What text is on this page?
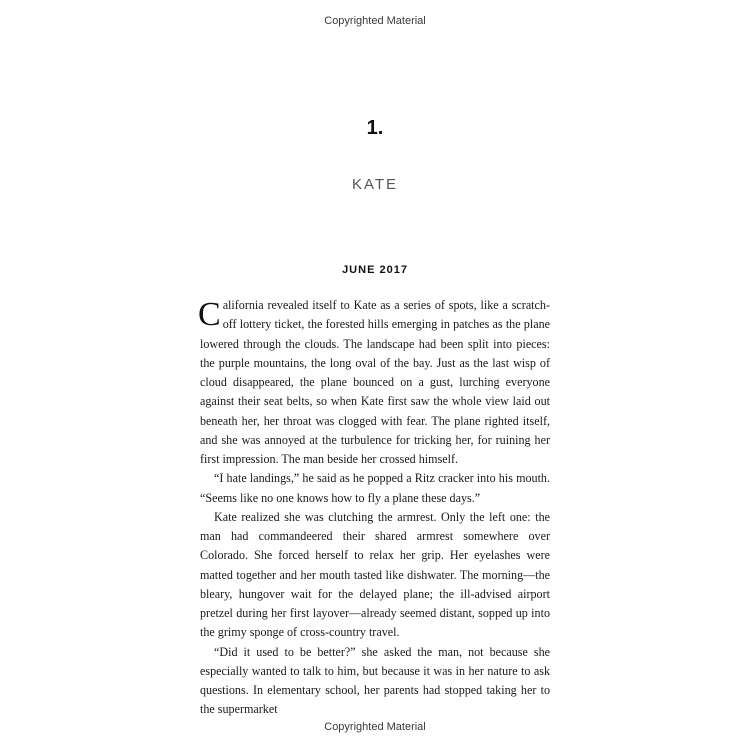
Copyrighted Material
1.
KATE
JUNE 2017

California revealed itself to Kate as a series of spots, like a scratch-off lottery ticket, the forested hills emerging in patches as the plane lowered through the clouds. The landscape had been split into pieces: the purple mountains, the long oval of the bay. Just as the last wisp of cloud disappeared, the plane bounced on a gust, lurching everyone against their seat belts, so when Kate first saw the whole view laid out beneath her, her throat was clogged with fear. The plane righted itself, and she was annoyed at the turbulence for tricking her, for ruining her first impression. The man beside her crossed himself.

“I hate landings,” he said as he popped a Ritz cracker into his mouth. “Seems like no one knows how to fly a plane these days.”

Kate realized she was clutching the armrest. Only the left one: the man had commandeered their shared armrest somewhere over Colorado. She forced herself to relax her grip. Her eyelashes were matted together and her mouth tasted like dishwater. The morning—the bleary, hungover wait for the delayed plane; the ill-advised airport pretzel during her first layover—already seemed distant, sopped up into the grimy sponge of cross-country travel.

“Did it used to be better?” she asked the man, not because she especially wanted to talk to him, but because it was in her nature to ask questions. In elementary school, her parents had stopped taking her to the supermarket

Copyrighted Material
